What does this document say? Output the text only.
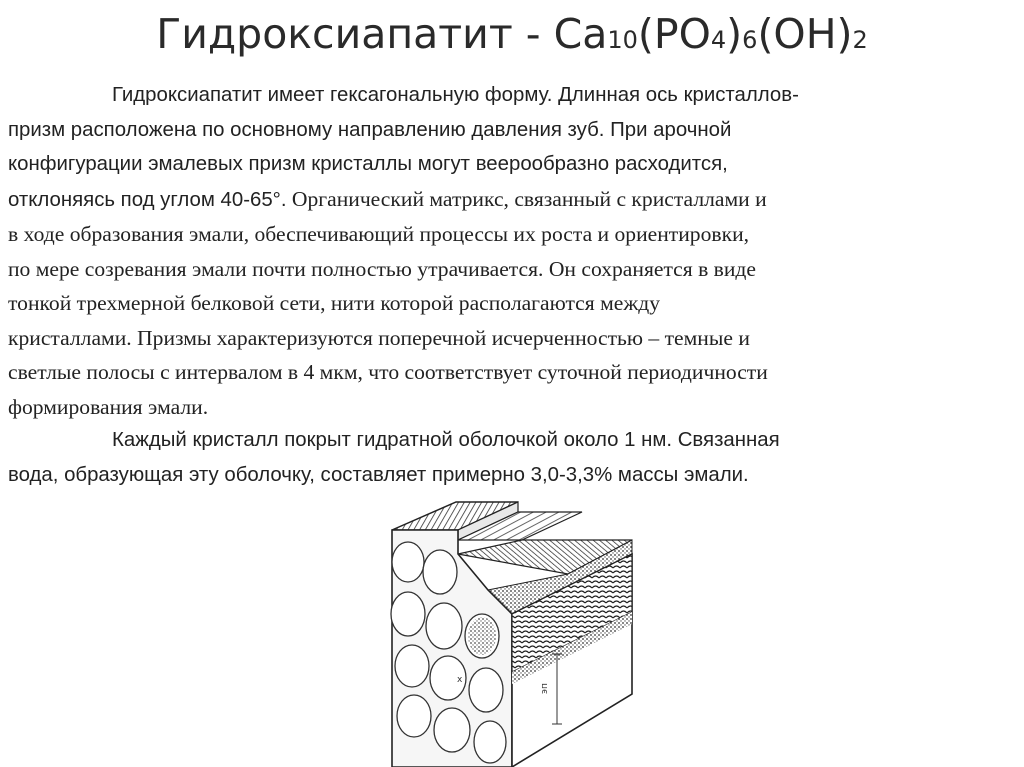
Гидроксиапатит - Ca10(PO4)6(OH)2
Гидроксиапатит имеет гексагональную форму. Длинная ось кристаллов-
призм расположена по основному направлению давления зуб. При арочной
конфигурации эмалевых призм кристаллы могут веерообразно расходится,
отклоняясь под углом 40-65°. Органический матрикс, связанный с кристаллами и
в ходе образования эмали, обеспечивающий процессы их роста и ориентировки,
по мере созревания эмали почти полностью утрачивается. Он сохраняется в виде
тонкой трехмерной белковой сети, нити которой располагаются между
кристаллами. Призмы характеризуются поперечной исчерченностью – темные и
светлые полосы с интервалом в 4 мкм, что соответствует суточной периодичности
формирования эмали.
Каждый кристалл покрыт гидратной оболочкой около 1 нм. Связанная
вода, образующая эту оболочку, составляет примерно 3,0-3,3% массы эмали.
x
эп
